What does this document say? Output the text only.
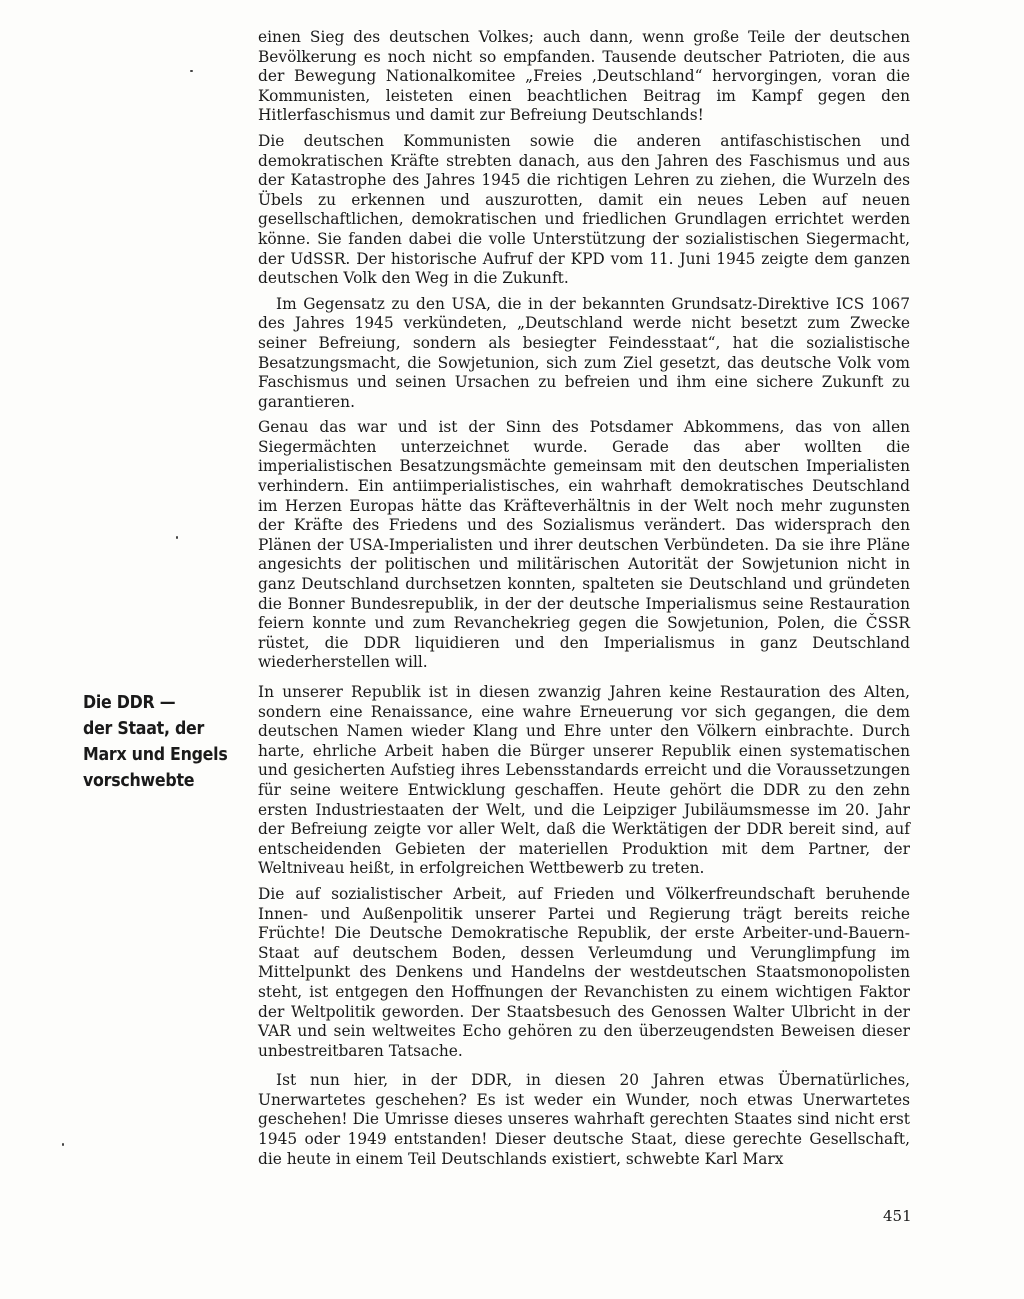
einen Sieg des deutschen Volkes; auch dann, wenn große Teile der deutschen Bevölkerung es noch nicht so empfanden. Tausende deutscher Patrioten, die aus der Bewegung Nationalkomitee „Freies ‚Deutschland“ hervorgingen, voran die Kommunisten, leisteten einen beachtlichen Beitrag im Kampf gegen den Hitlerfaschismus und damit zur Befreiung Deutschlands!

Die deutschen Kommunisten sowie die anderen antifaschistischen und demokratischen Kräfte strebten danach, aus den Jahren des Faschismus und aus der Katastrophe des Jahres 1945 die richtigen Lehren zu ziehen, die Wurzeln des Übels zu erkennen und auszurotten, damit ein neues Leben auf neuen gesellschaftlichen, demokratischen und friedlichen Grundlagen errichtet werden könne. Sie fanden dabei die volle Unterstützung der sozialistischen Siegermacht, der UdSSR. Der historische Aufruf der KPD vom 11. Juni 1945 zeigte dem ganzen deutschen Volk den Weg in die Zukunft.

Im Gegensatz zu den USA, die in der bekannten Grundsatz-Direktive ICS 1067 des Jahres 1945 verkündeten, „Deutschland werde nicht besetzt zum Zwecke seiner Befreiung, sondern als besiegter Feindesstaat“, hat die sozialistische Besatzungsmacht, die Sowjetunion, sich zum Ziel gesetzt, das deutsche Volk vom Faschismus und seinen Ursachen zu befreien und ihm eine sichere Zukunft zu garantieren.

Genau das war und ist der Sinn des Potsdamer Abkommens, das von allen Siegermächten unterzeichnet wurde. Gerade das aber wollten die imperialistischen Besatzungsmächte gemeinsam mit den deutschen Imperialisten verhindern. Ein antiimperialistisches, ein wahrhaft demokratisches Deutschland im Herzen Europas hätte das Kräfteverhältnis in der Welt noch mehr zugunsten der Kräfte des Friedens und des Sozialismus verändert. Das widersprach den Plänen der USA-Imperialisten und ihrer deutschen Verbündeten. Da sie ihre Pläne angesichts der politischen und militärischen Autorität der Sowjetunion nicht in ganz Deutschland durchsetzen konnten, spalteten sie Deutschland und gründeten die Bonner Bundesrepublik, in der der deutsche Imperialismus seine Restauration feiern konnte und zum Revanchekrieg gegen die Sowjetunion, Polen, die ČSSR rüstet, die DDR liquidieren und den Imperialismus in ganz Deutschland wiederherstellen will.

In unserer Republik ist in diesen zwanzig Jahren keine Restauration des Alten, sondern eine Renaissance, eine wahre Erneuerung vor sich gegangen, die dem deutschen Namen wieder Klang und Ehre unter den Völkern einbrachte. Durch harte, ehrliche Arbeit haben die Bürger unserer Republik einen systematischen und gesicherten Aufstieg ihres Lebensstandards erreicht und die Voraussetzungen für seine weitere Entwicklung geschaffen. Heute gehört die DDR zu den zehn ersten Industriestaaten der Welt, und die Leipziger Jubiläumsmesse im 20. Jahr der Befreiung zeigte vor aller Welt, daß die Werktätigen der DDR bereit sind, auf entscheidenden Gebieten der materiellen Produktion mit dem Partner, der Weltniveau heißt, in erfolgreichen Wettbewerb zu treten.

Die auf sozialistischer Arbeit, auf Frieden und Völkerfreundschaft beruhende Innen- und Außenpolitik unserer Partei und Regierung trägt bereits reiche Früchte! Die Deutsche Demokratische Republik, der erste Arbeiter-und-Bauern-Staat auf deutschem Boden, dessen Verleumdung und Verunglimpfung im Mittelpunkt des Denkens und Handelns der westdeutschen Staatsmonopolisten steht, ist entgegen den Hoffnungen der Revanchisten zu einem wichtigen Faktor der Weltpolitik geworden. Der Staatsbesuch des Genossen Walter Ulbricht in der VAR und sein weltweites Echo gehören zu den überzeugendsten Beweisen dieser unbestreitbaren Tatsache.

Ist nun hier, in der DDR, in diesen 20 Jahren etwas Übernatürliches, Unerwartetes geschehen? Es ist weder ein Wunder, noch etwas Unerwartetes geschehen! Die Umrisse dieses unseres wahrhaft gerechten Staates sind nicht erst 1945 oder 1949 entstanden! Dieser deutsche Staat, diese gerechte Gesellschaft, die heute in einem Teil Deutschlands existiert, schwebte Karl Marx

Die DDR —
der Staat, der
Marx und Engels
vorschwebte
451
